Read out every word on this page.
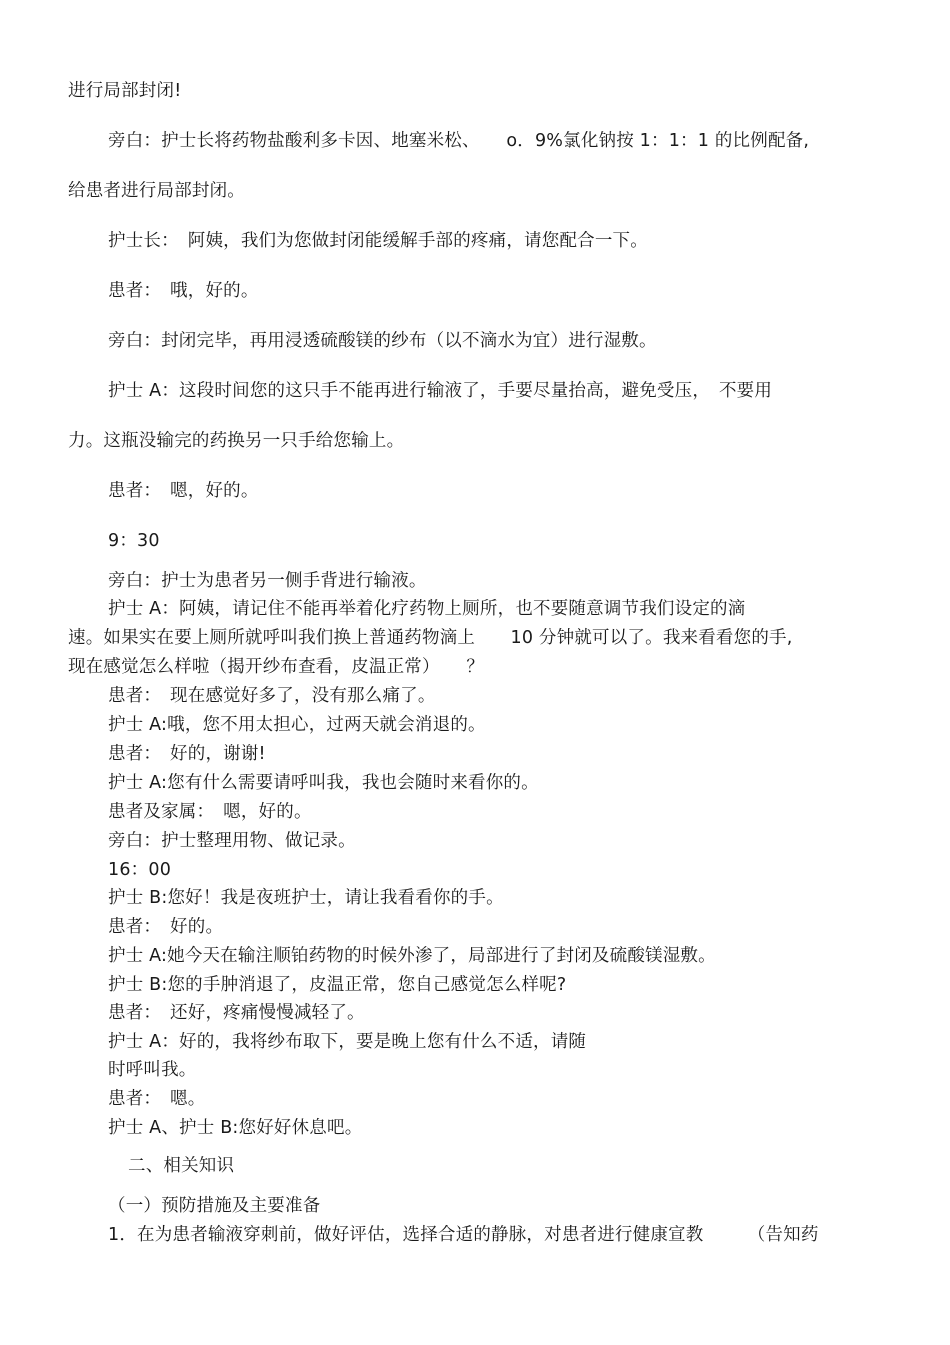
进行局部封闭!
旁白：护士长将药物盐酸利多卡因、地塞米松、　　o．9%氯化钠按 1：1：1 的比例配备,
给患者进行局部封闭。
护士长：　阿姨，我们为您做封闭能缓解手部的疼痛，请您配合一下。
患者：　哦，好的。
旁白：封闭完毕，再用浸透硫酸镁的纱布（以不滴水为宜）进行湿敷。
护士 A：这段时间您的这只手不能再进行输液了，手要尽量抬高，避免受压，　不要用
力。这瓶没输完的药换另一只手给您输上。
患者：　嗯，好的。
9：30
旁白：护士为患者另一侧手背进行输液。
护士 A：阿姨，请记住不能再举着化疗药物上厕所，也不要随意调节我们设定的滴
速。如果实在要上厕所就呼叫我们换上普通药物滴上　　10 分钟就可以了。我来看看您的手,
现在感觉怎么样啦（揭开纱布查看，皮温正常）　　？
患者：　现在感觉好多了，没有那么痛了。
护士 A:哦，您不用太担心，过两天就会消退的。
患者：　好的，谢谢!
护士 A:您有什么需要请呼叫我，我也会随时来看你的。
患者及家属：　嗯，好的。
旁白：护士整理用物、做记录。
16：00
护士 B:您好！我是夜班护士，请让我看看你的手。
患者：　好的。
护士 A:她今天在输注顺铂药物的时候外渗了，局部进行了封闭及硫酸镁湿敷。
护士 B:您的手肿消退了，皮温正常，您自己感觉怎么样呢?
患者：　还好，疼痛慢慢减轻了。
护士 A：好的，我将纱布取下，要是晚上您有什么不适，请随
时呼叫我。
患者：　嗯。
护士 A、护士 B:您好好休息吧。
二、相关知识
（一）预防措施及主要准备
1．在为患者输液穿刺前，做好评估，选择合适的静脉，对患者进行健康宣教　　　（告知药
